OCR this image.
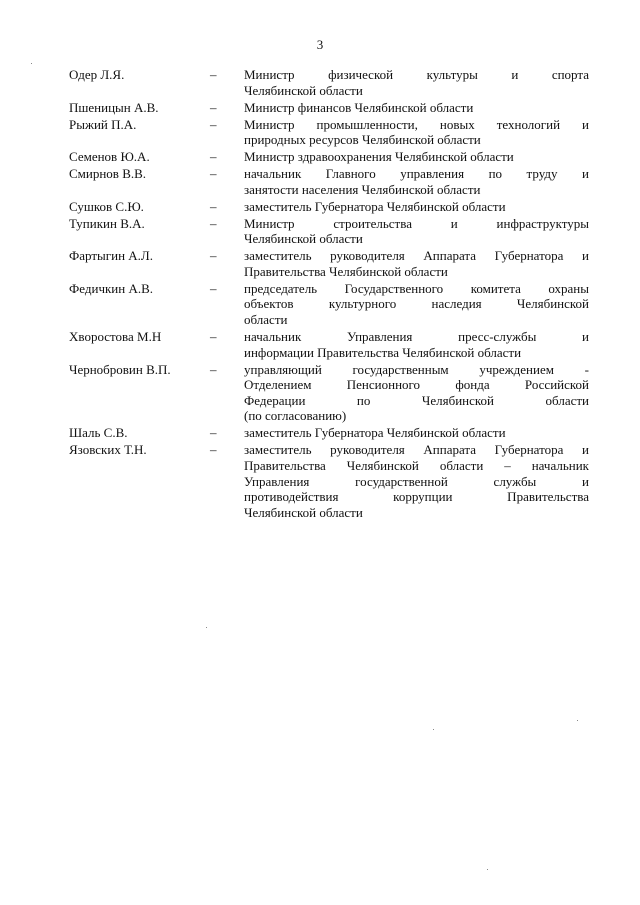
3
Одер Л.Я.	–	Министр физической культуры и спорта
Челябинской области
Пшеницын А.В.	–	Министр финансов Челябинской области
Рыжий П.А.	–	Министр промышленности, новых технологий и
природных ресурсов Челябинской области
Семенов Ю.А.	–	Министр здравоохранения Челябинской области
Смирнов В.В.	–	начальник Главного управления по труду и
занятости населения Челябинской области
Сушков С.Ю.	–	заместитель Губернатора Челябинской области
Тупикин В.А.	–	Министр строительства и инфраструктуры
Челябинской области
Фартыгин А.Л.	–	заместитель руководителя Аппарата Губернатора и
Правительства Челябинской области
Федичкин А.В.	–	председатель Государственного комитета охраны
объектов культурного наследия Челябинской
области
Хворостова М.Н	–	начальник Управления пресс-службы и
информации Правительства Челябинской области
Чернобровин В.П.	–	управляющий государственным учреждением -
Отделением Пенсионного фонда Российской
Федерации по Челябинской области
(по согласованию)
Шаль С.В.	–	заместитель Губернатора Челябинской области
Язовских Т.Н.	–	заместитель руководителя Аппарата Губернатора и
Правительства Челябинской области – начальник
Управления государственной службы и
противодействия коррупции Правительства
Челябинской области
